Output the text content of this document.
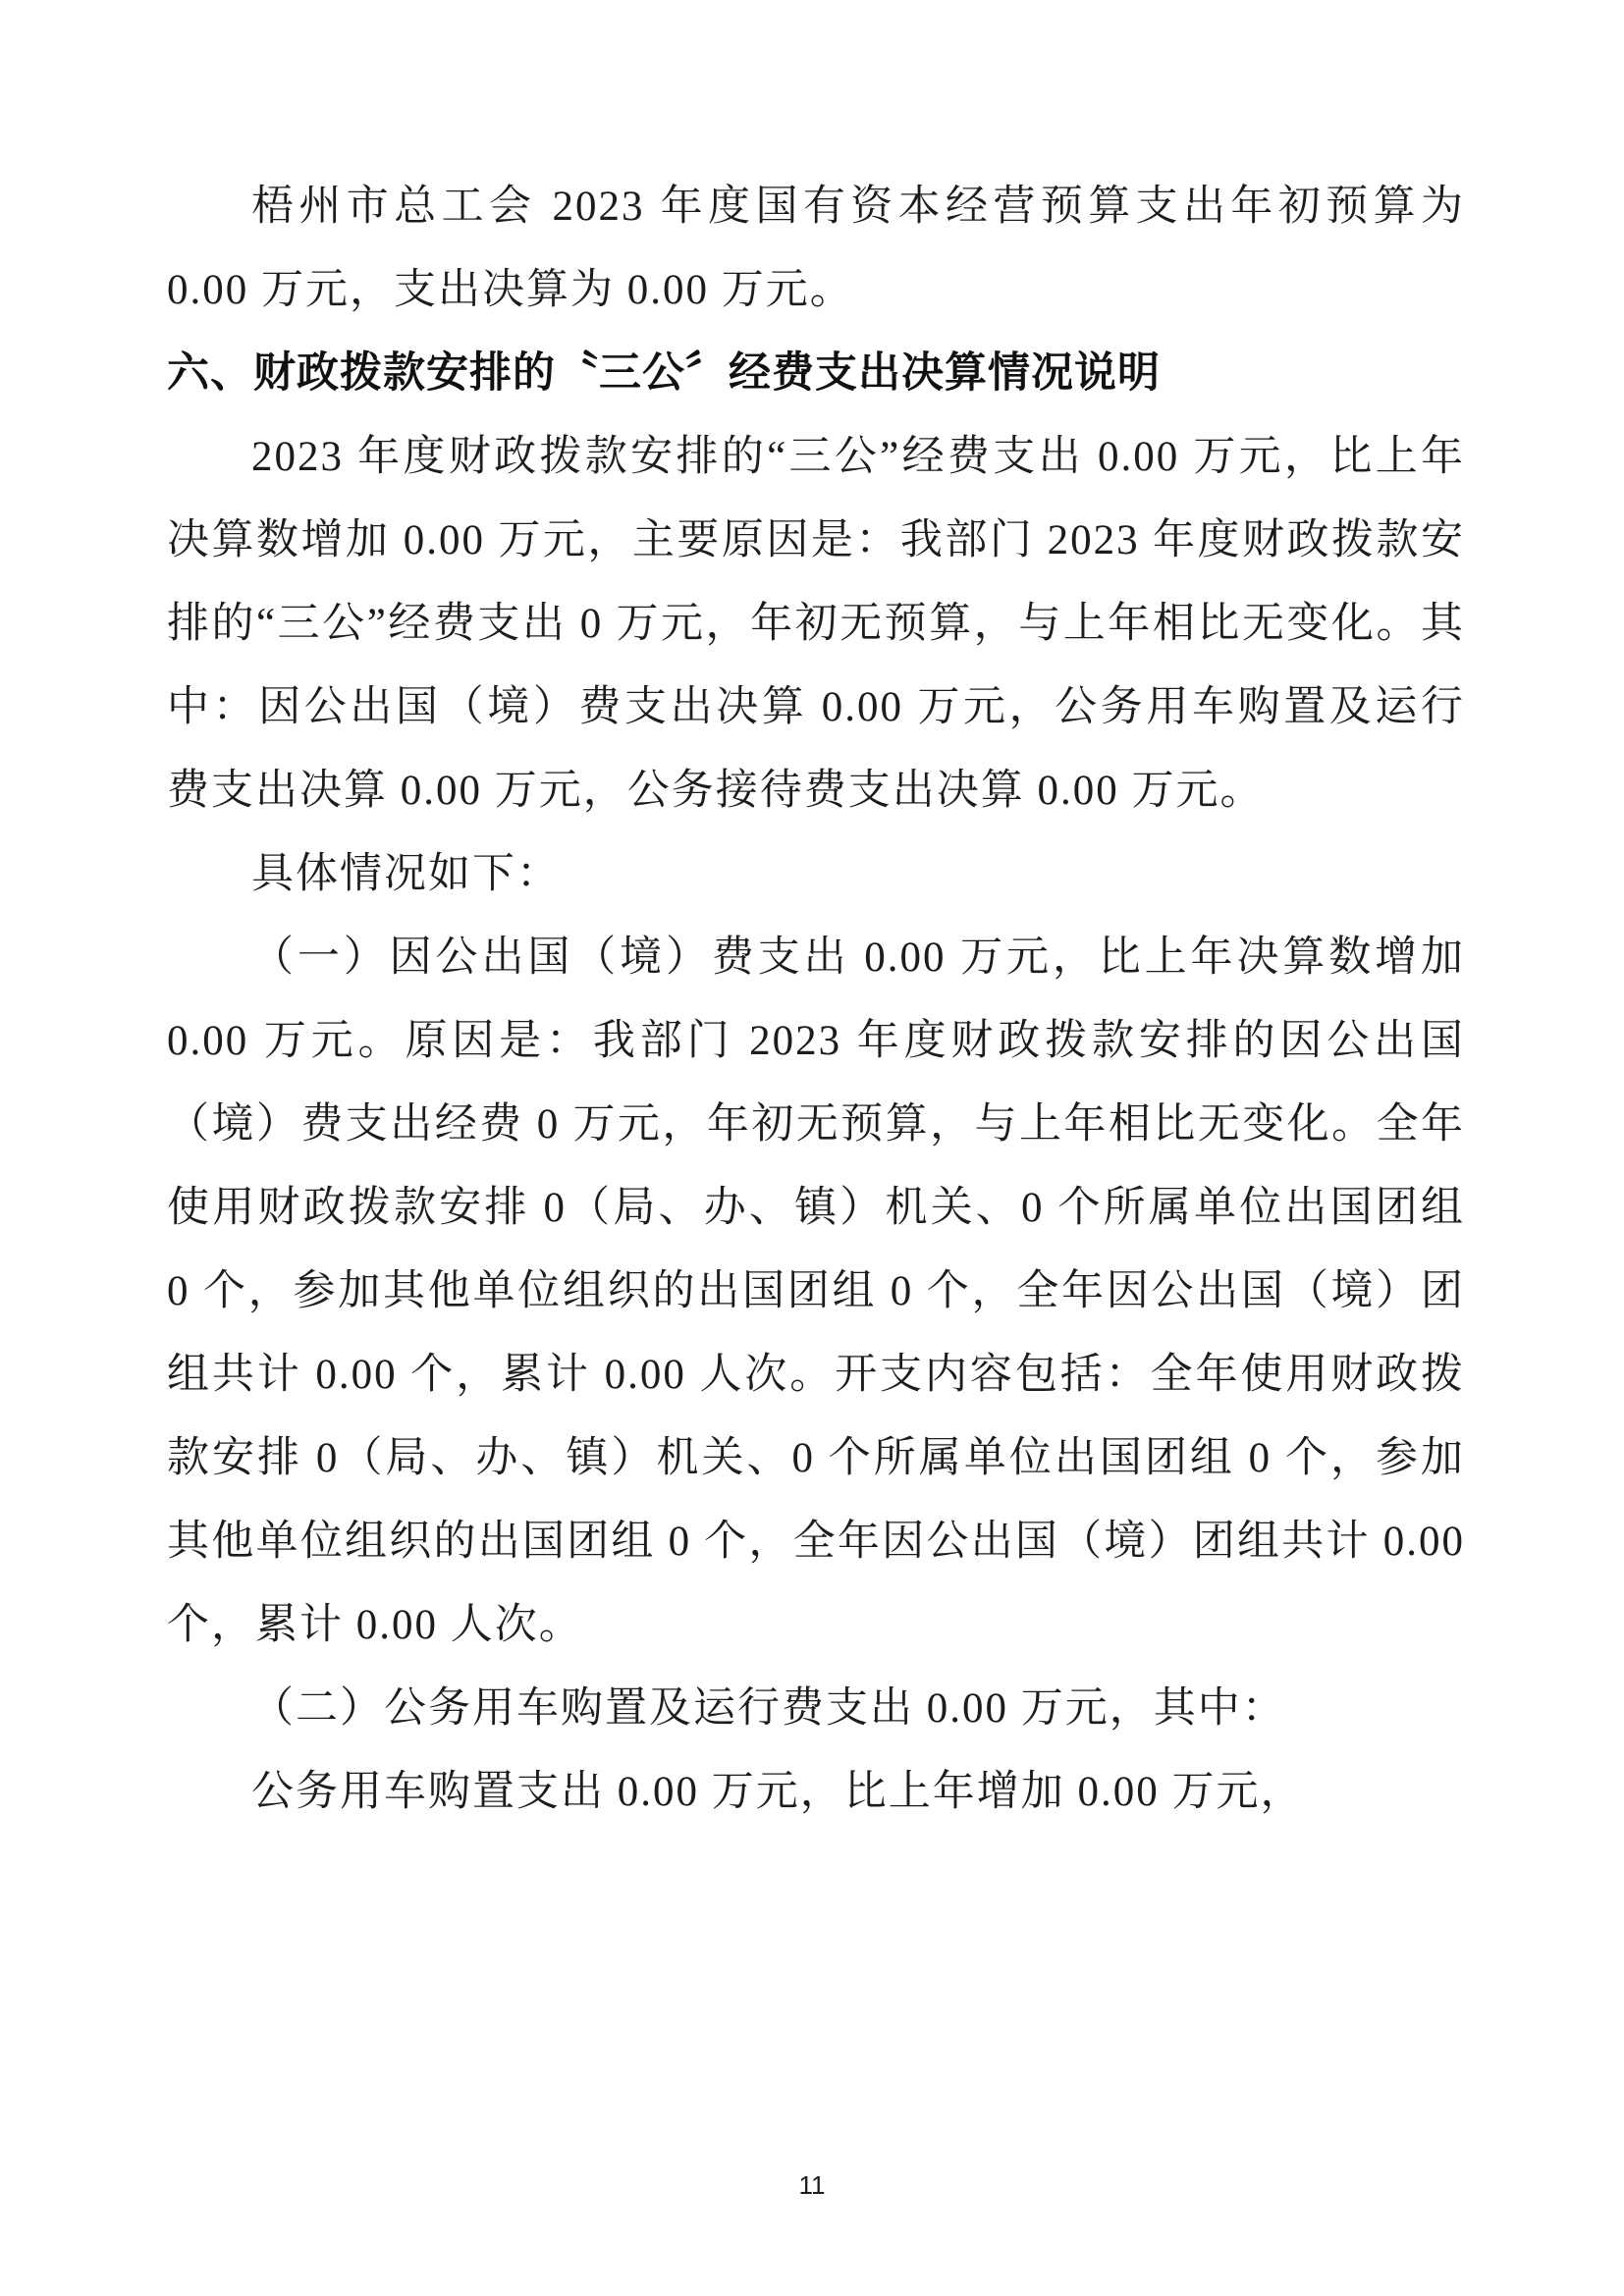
梧州市总工会 2023 年度国有资本经营预算支出年初预算为 0.00 万元，支出决算为 0.00 万元。

六、财政拨款安排的〝三公〞经费支出决算情况说明

2023 年度财政拨款安排的“三公”经费支出 0.00 万元，比上年决算数增加 0.00 万元，主要原因是：我部门 2023 年度财政拨款安排的“三公”经费支出 0 万元，年初无预算，与上年相比无变化。其中：因公出国（境）费支出决算 0.00 万元，公务用车购置及运行费支出决算 0.00 万元，公务接待费支出决算 0.00 万元。

具体情况如下：

（一）因公出国（境）费支出 0.00 万元，比上年决算数增加 0.00 万元。原因是：我部门 2023 年度财政拨款安排的因公出国（境）费支出经费 0 万元，年初无预算，与上年相比无变化。全年使用财政拨款安排 0（局、办、镇）机关、0 个所属单位出国团组 0 个，参加其他单位组织的出国团组 0 个，全年因公出国（境）团组共计 0.00 个，累计 0.00 人次。开支内容包括：全年使用财政拨款安排 0（局、办、镇）机关、0 个所属单位出国团组 0 个，参加其他单位组织的出国团组 0 个，全年因公出国（境）团组共计 0.00 个，累计 0.00 人次。

（二）公务用车购置及运行费支出 0.00 万元，其中：

公务用车购置支出 0.00 万元，比上年增加 0.00 万元，

11
